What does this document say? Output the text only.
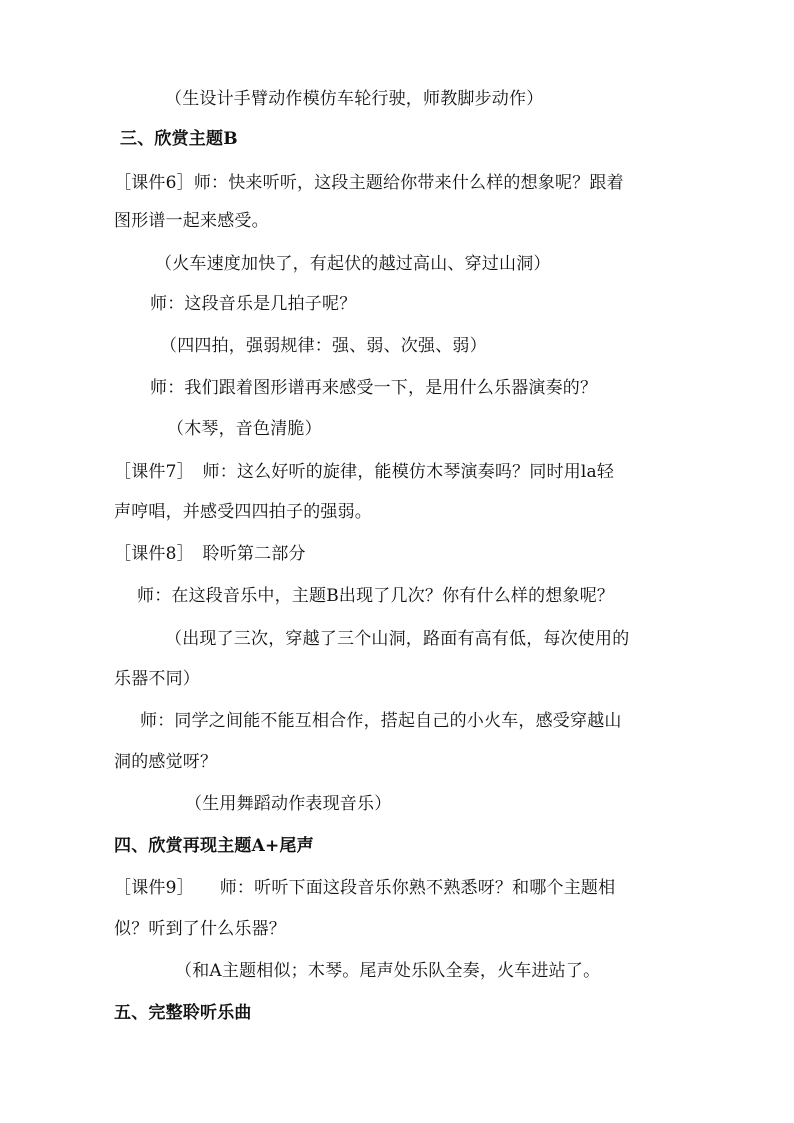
（生设计手臂动作模仿车轮行驶，师教脚步动作）

三、欣赏主题B

［课件6］师：快来听听，这段主题给你带来什么样的想象呢？跟着

图形谱一起来感受。

（火车速度加快了，有起伏的越过高山、穿过山洞）

师：这段音乐是几拍子呢？

（四四拍，强弱规律：强、弱、次强、弱）

师：我们跟着图形谱再来感受一下，是用什么乐器演奏的？

（木琴，音色清脆）

［课件7］　师：这么好听的旋律，能模仿木琴演奏吗？同时用la轻

声哼唱，并感受四四拍子的强弱。

［课件8］　聆听第二部分

师：在这段音乐中，主题B出现了几次？你有什么样的想象呢？

（出现了三次，穿越了三个山洞，路面有高有低，每次使用的

乐器不同）

师：同学之间能不能互相合作，搭起自己的小火车，感受穿越山

洞的感觉呀？

（生用舞蹈动作表现音乐）

四、欣赏再现主题A+尾声

［课件9］　　师：听听下面这段音乐你熟不熟悉呀？和哪个主题相

似？听到了什么乐器？

（和A主题相似；木琴。尾声处乐队全奏，火车进站了。

五、完整聆听乐曲
